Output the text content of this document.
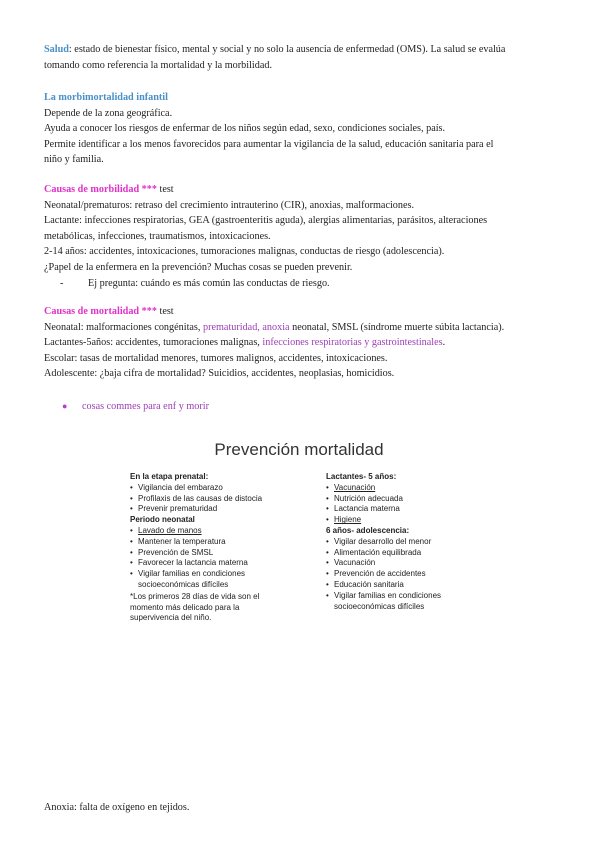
Salud: estado de bienestar físico, mental y social y no solo la ausencia de enfermedad (OMS). La salud se evalúa
tomando como referencia la mortalidad y la morbilidad.

La morbimortalidad infantil
Depende de la zona geográfica.
Ayuda a conocer los riesgos de enfermar de los niños según edad, sexo, condiciones sociales, país.
Permite identificar a los menos favorecidos para aumentar la vigilancia de la salud, educación sanitaria para el
niño y familia.

Causas de morbilidad *** test
Neonatal/prematuros: retraso del crecimiento intrauterino (CIR), anoxias, malformaciones.
Lactante: infecciones respiratorias, GEA (gastroenteritis aguda), alergias alimentarias, parásitos, alteraciones
metabólicas, infecciones, traumatismos, intoxicaciones.
2-14 años: accidentes, intoxicaciones, tumoraciones malignas, conductas de riesgo (adolescencia).
¿Papel de la enfermera en la prevención? Muchas cosas se pueden prevenir.
- Ej pregunta: cuándo es más común las conductas de riesgo.

Causas de mortalidad *** test
Neonatal: malformaciones congénitas, prematuridad, anoxia neonatal, SMSL (síndrome muerte súbita lactancia).
Lactantes-5años: accidentes, tumoraciones malignas, infecciones respiratorias y gastrointestinales.
Escolar: tasas de mortalidad menores, tumores malignos, accidentes, intoxicaciones.
Adolescente: ¿baja cifra de mortalidad? Suicidios, accidentes, neoplasias, homicidios.

● cosas commes para enf y morir

Prevención mortalidad
En la etapa prenatal:
• Vigilancia del embarazo
• Profilaxis de las causas de distocia
• Prevenir prematuridad
Periodo neonatal
• Lavado de manos
• Mantener la temperatura
• Prevención de SMSL
• Favorecer la lactancia materna
• Vigilar familias en condiciones socioeconómicas difíciles
*Los primeros 28 días de vida son el momento más delicado para la supervivencia del niño.
Lactantes- 5 años:
• Vacunación
• Nutrición adecuada
• Lactancia materna
• Higiene
6 años- adolescencia:
• Vigilar desarrollo del menor
• Alimentación equilibrada
• Vacunación
• Prevención de accidentes
• Educación sanitaria
• Vigilar familias en condiciones socioeconómicas difíciles

Anoxia: falta de oxígeno en tejidos.
